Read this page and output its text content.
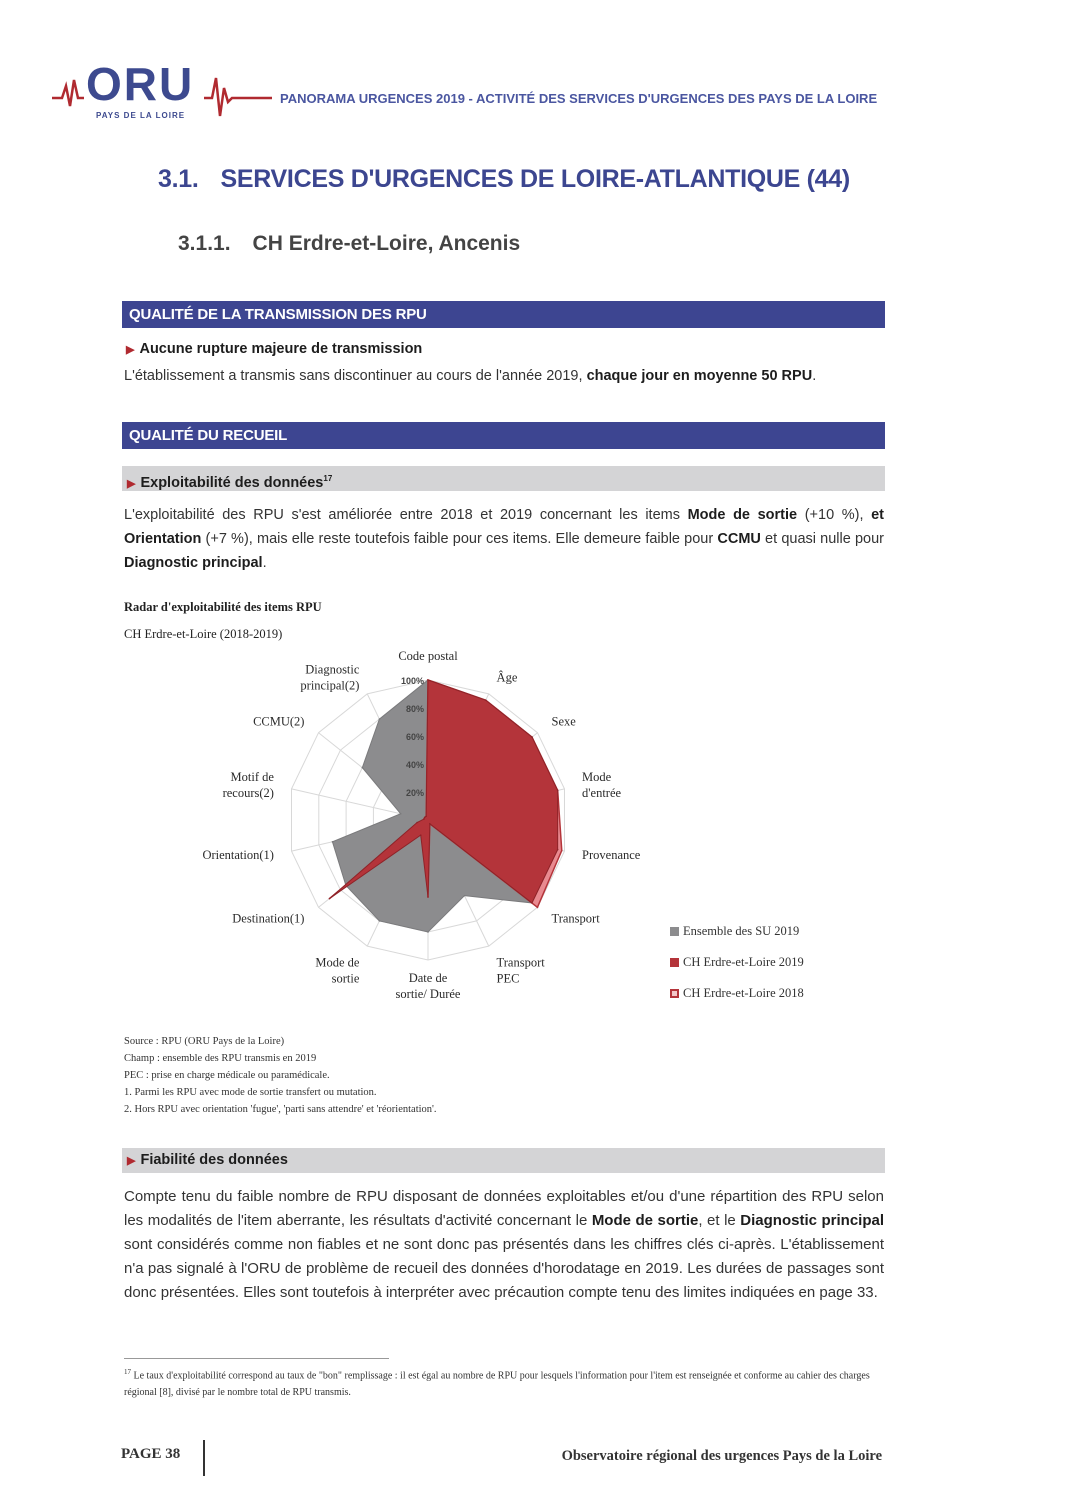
ORU
PAYS DE LA LOIRE
PANORAMA URGENCES 2019 - ACTIVITÉ DES SERVICES D'URGENCES DES PAYS DE LA LOIRE
3.1. SERVICES D'URGENCES DE LOIRE-ATLANTIQUE (44)
3.1.1. CH Erdre-et-Loire, Ancenis
QUALITÉ DE LA TRANSMISSION DES RPU
▶ Aucune rupture majeure de transmission
L'établissement a transmis sans discontinuer au cours de l'année 2019, chaque jour en moyenne 50 RPU.
QUALITÉ DU RECUEIL
▶ Exploitabilité des données$^{17}$
L'exploitabilité des RPU s'est améliorée entre 2018 et 2019 concernant les items Mode de sortie (+10 %), et Orientation (+7 %), mais elle reste toutefois faible pour ces items. Elle demeure faible pour CCMU et quasi nulle pour Diagnostic principal.
Radar d'exploitabilité des items RPU
CH Erdre-et-Loire (2018-2019)
20%
40%
60%
80%
100%
Code postal
Âge
Sexe
Mode
d'entrée
Provenance
Transport
Transport
PEC
Date de
sortie/ Durée
Mode de
sortie
Destination(1)
Orientation(1)
Motif de
recours(2)
CCMU(2)
Diagnostic
principal(2)
Ensemble des SU 2019
CH Erdre-et-Loire 2019
CH Erdre-et-Loire 2018
Source : RPU (ORU Pays de la Loire)
Champ : ensemble des RPU transmis en 2019
PEC : prise en charge médicale ou paramédicale.
1. Parmi les RPU avec mode de sortie transfert ou mutation.
2. Hors RPU avec orientation 'fugue', 'parti sans attendre' et 'réorientation'.
▶ Fiabilité des données
Compte tenu du faible nombre de RPU disposant de données exploitables et/ou d'une répartition des RPU selon les modalités de l'item aberrante, les résultats d'activité concernant le Mode de sortie, et le Diagnostic principal sont considérés comme non fiables et ne sont donc pas présentés dans les chiffres clés ci-après. L'établissement n'a pas signalé à l'ORU de problème de recueil des données d'horodatage en 2019. Les durées de passages sont donc présentées. Elles sont toutefois à interpréter avec précaution compte tenu des limites indiquées en page 33.
$^{17}$ Le taux d'exploitabilité correspond au taux de "bon" remplissage : il est égal au nombre de RPU pour lesquels l'information pour l'item est renseignée et conforme au cahier des charges régional [8], divisé par le nombre total de RPU transmis.
PAGE 38	Observatoire régional des urgences Pays de la Loire
